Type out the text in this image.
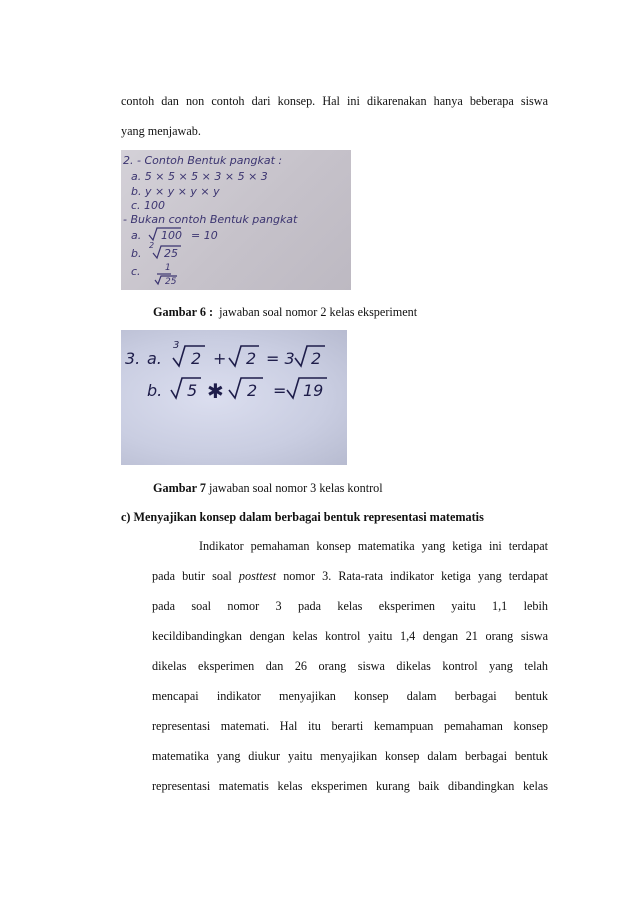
contoh dan non contoh dari konsep. Hal ini dikarenakan hanya beberapa siswa
yang menjawab.
2. - Contoh Bentuk pangkat :
a. 5 × 5 × 5 × 3 × 5 × 3
b. y × y × y × y
c. 100
- Bukan contoh Bentuk pangkat
a. 100 = 10
b.
2
25
c.	1
25
Gambar 6 : jawaban soal nomor 2 kelas eksperiment
3. a.
3
2 + 2 = 3 2
b. 5 ✱ 2 = 19
Gambar 7 jawaban soal nomor 3 kelas kontrol
c) Menyajikan konsep dalam berbagai bentuk representasi matematis
Indikator pemahaman konsep matematika yang ketiga ini terdapat
pada butir soal posttest nomor 3. Rata-rata indikator ketiga yang terdapat
pada soal nomor 3 pada kelas eksperimen yaitu 1,1 lebih
kecildibandingkan dengan kelas kontrol yaitu 1,4 dengan 21 orang siswa
dikelas eksperimen dan 26 orang siswa dikelas kontrol yang telah
mencapai indikator menyajikan konsep dalam berbagai bentuk
representasi matemati. Hal itu berarti kemampuan pemahaman konsep
matematika yang diukur yaitu menyajikan konsep dalam berbagai bentuk
representasi matematis kelas eksperimen kurang baik dibandingkan kelas
